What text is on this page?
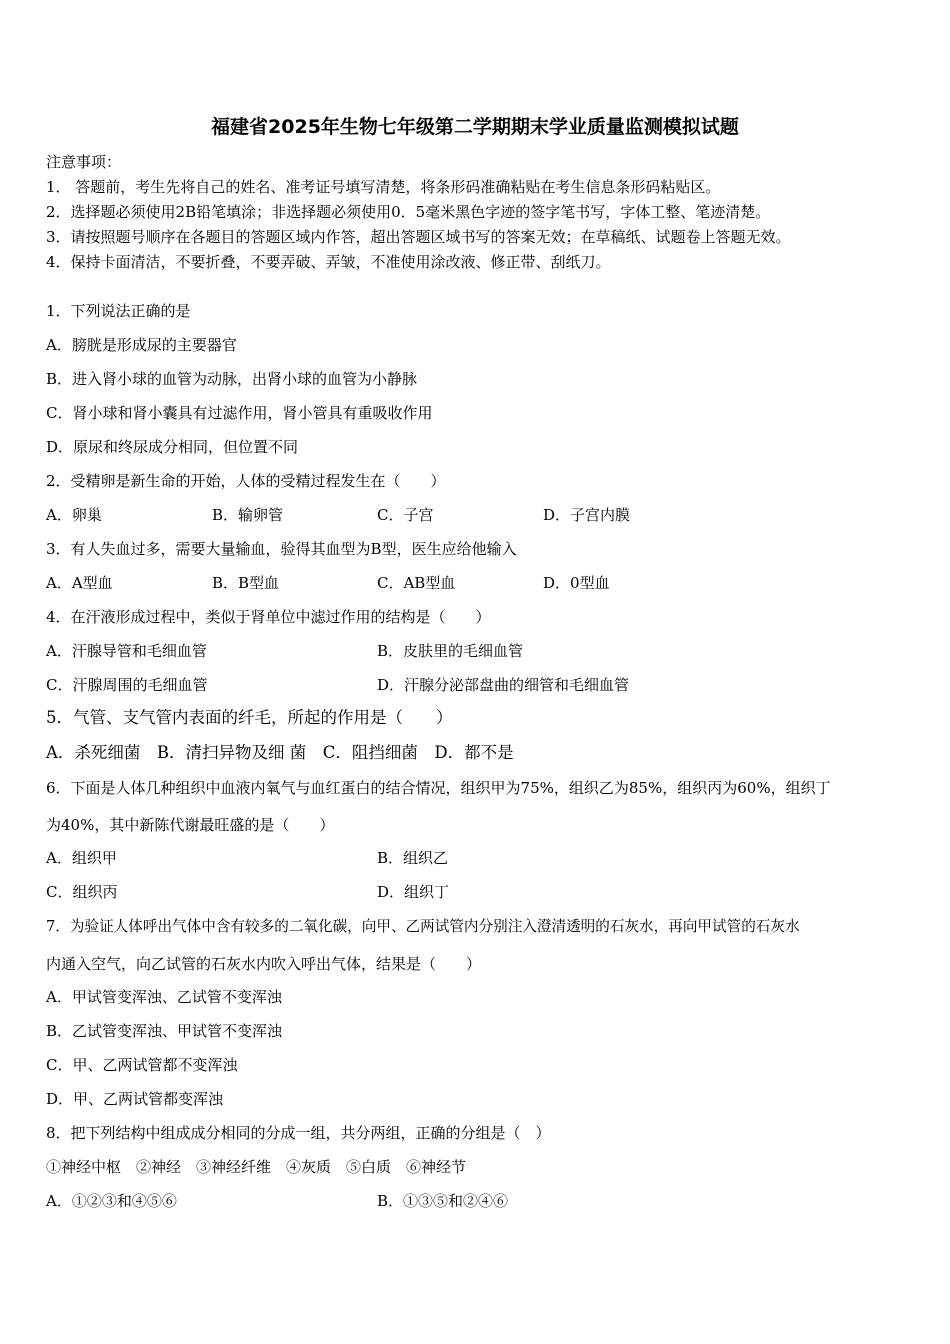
福建省2025年生物七年级第二学期期末学业质量监测模拟试题
注意事项：
1． 答题前，考生先将自己的姓名、准考证号填写清楚，将条形码准确粘贴在考生信息条形码粘贴区。
2．选择题必须使用2B铅笔填涂；非选择题必须使用0．5毫米黑色字迹的签字笔书写，字体工整、笔迹清楚。
3．请按照题号顺序在各题目的答题区域内作答，超出答题区域书写的答案无效；在草稿纸、试题卷上答题无效。
4．保持卡面清洁，不要折叠，不要弄破、弄皱，不准使用涂改液、修正带、刮纸刀。
1．下列说法正确的是
A．膀胱是形成尿的主要器官
B．进入肾小球的血管为动脉，出肾小球的血管为小静脉
C．肾小球和肾小囊具有过滤作用，肾小管具有重吸收作用
D．原尿和终尿成分相同，但位置不同
2．受精卵是新生命的开始，人体的受精过程发生在（　　）
A．卵巢	B．输卵管	C．子宫	D．子宫内膜
3．有人失血过多，需要大量输血，验得其血型为B型，医生应给他输入
A．A型血	B．B型血	C．AB型血	D．0型血
4．在汗液形成过程中，类似于肾单位中滤过作用的结构是（　　）
A．汗腺导管和毛细血管	B．皮肤里的毛细血管
C．汗腺周围的毛细血管	D．汗腺分泌部盘曲的细管和毛细血管
5．气管、支气管内表面的纤毛，所起的作用是（　　）
A．杀死细菌　B．清扫异物及细 菌　C．阻挡细菌　D．都不是
6．下面是人体几种组织中血液内氧气与血红蛋白的结合情况，组织甲为75%，组织乙为85%，组织丙为60%，组织丁
为40%，其中新陈代谢最旺盛的是（　　）
A．组织甲	B．组织乙
C．组织丙	D．组织丁
7．为验证人体呼出气体中含有较多的二氧化碳，向甲、乙两试管内分别注入澄清透明的石灰水，再向甲试管的石灰水
内通入空气，向乙试管的石灰水内吹入呼出气体，结果是（　　）
A．甲试管变浑浊、乙试管不变浑浊
B．乙试管变浑浊、甲试管不变浑浊
C．甲、乙两试管都不变浑浊
D．甲、乙两试管都变浑浊
8．把下列结构中组成成分相同的分成一组，共分两组，正确的分组是（　）
①神经中枢　②神经　③神经纤维　④灰质　⑤白质　⑥神经节
A．①②③和④⑤⑥	B．①③⑤和②④⑥
